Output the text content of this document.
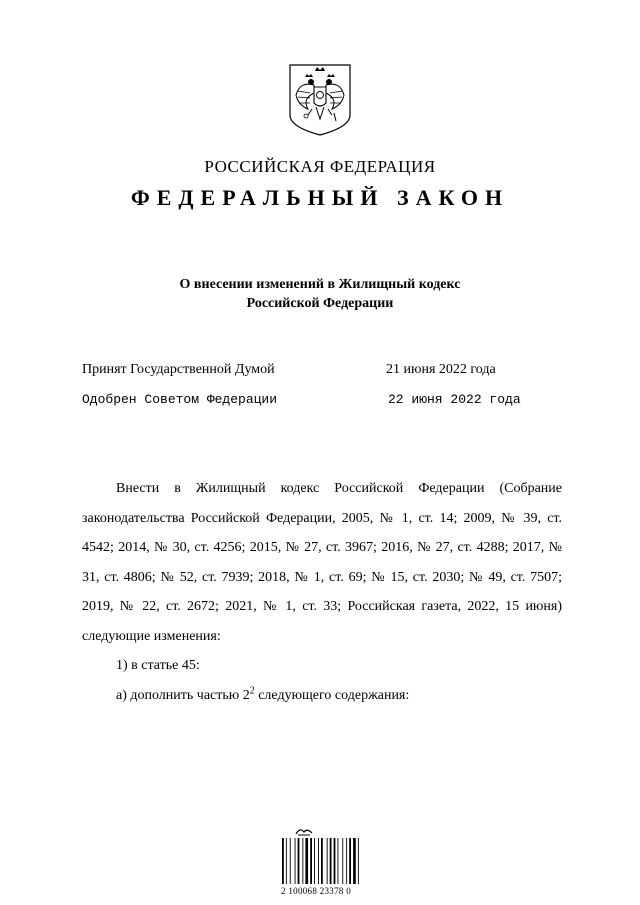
РОССИЙСКАЯ ФЕДЕРАЦИЯ
ФЕДЕРАЛЬНЫЙ ЗАКОН
О внесении изменений в Жилищный кодекс
Российской Федерации
Принят Государственной Думой	21 июня 2022 года
Одобрен Советом Федерации	22 июня 2022 года

Внести в Жилищный кодекс Российской Федерации (Собрание законодательства Российской Федерации, 2005, № 1, ст. 14; 2009, № 39, ст. 4542; 2014, № 30, ст. 4256; 2015, № 27, ст. 3967; 2016, № 27, ст. 4288; 2017, № 31, ст. 4806; № 52, ст. 7939; 2018, № 1, ст. 69; № 15, ст. 2030; № 49, ст. 7507; 2019, № 22, ст. 2672; 2021, № 1, ст. 33; Российская газета, 2022, 15 июня) следующие изменения:

1) в статье 45:

а) дополнить частью $2^2$ следующего содержания:

2 100068 23378 0
